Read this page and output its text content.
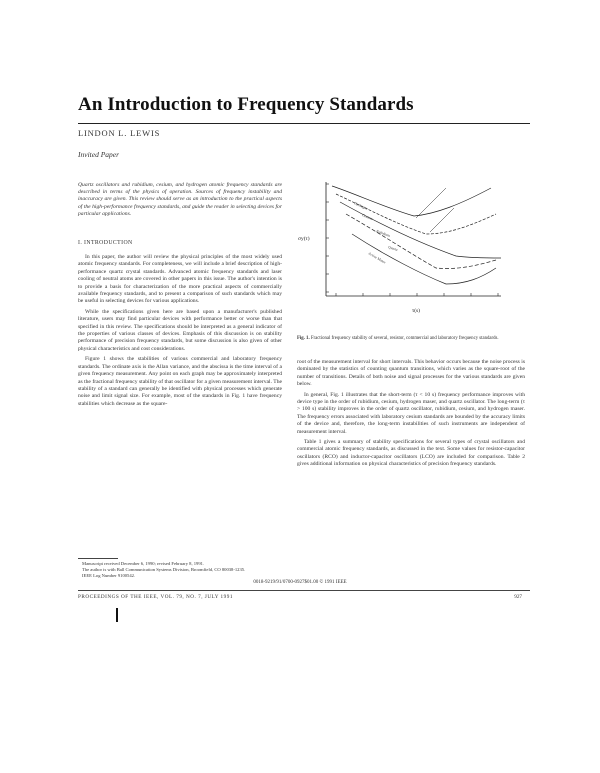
An Introduction to Frequency Standards
LINDON L. LEWIS
Invited Paper
Quartz oscillators and rubidium, cesium, and hydrogen atomic frequency standards are described in terms of the physics of operation. Sources of frequency instability and inaccuracy are given. This review should serve as an introduction to the practical aspects of the high-performance frequency standards, and guide the reader in selecting devices for particular applications.
I. INTRODUCTION

In this paper, the author will review the physical principles of the most widely used atomic frequency standards. For completeness, we will include a brief description of high-performance quartz crystal standards. Advanced atomic frequency standards and laser cooling of neutral atoms are covered in other papers in this issue. The author's intention is to provide a basis for characterization of the more practical aspects of commercially available frequency standards, and to present a comparison of such standards which may be useful in selecting devices for various applications.

While the specifications given here are based upon a manufacturer's published literature, users may find particular devices with performance better or worse than that specified in this review. The specifications should be interpreted as a general indicator of the properties of various classes of devices. Emphasis of this discussion is on stability performance of precision frequency standards, but some discussion is also given of other physical characteristics and cost considerations.

Figure 1 shows the stabilities of various commercial and laboratory frequency standards. The ordinate axis is the Allan variance, and the abscissa is the time interval of a given frequency measurement. Any point on each graph may be approximately interpreted as the fractional frequency stability of that oscillator for a given measurement interval. The stability of a standard can generally be identified with physical processes which generate noise and limit signal size. For example, most of the standards in Fig. 1 have frequency stabilities which decrease as the square-

Manuscript received December 6, 1990; revised February 8, 1991.
The author is with Ball Communication Systems Division, Broomfield, CO 80038-1235.
IEEE Log Number 9100542.
σy(τ)
τ(s)
Hydrogen
Cesium
Rubidium
Quartz
Active Maser
Fig. 1. Fractional frequency stability of several, resistor, commercial and laboratory frequency standards.

root of the measurement interval for short intervals. This behavior occurs because the noise process is dominated by the statistics of counting quantum transitions, which varies as the square-root of the number of transitions. Details of both noise and signal processes for the various standards are given below.

In general, Fig. 1 illustrates that the short-term (τ < 10 s) frequency performance improves with device type in the order of rubidium, cesium, hydrogen maser, and quartz oscillator. The long-term (τ > 100 s) stability improves in the order of quartz oscillator, rubidium, cesium, and hydrogen maser. The frequency errors associated with laboratory cesium standards are bounded by the accuracy limits of the device and, therefore, the long-term instabilities of such instruments are independent of measurement interval.

Table 1 gives a summary of stability specifications for several types of crystal oscillators and commercial atomic frequency standards, as discussed in the text. Some values for resistor-capacitor oscillators (RCO) and inductor-capacitor oscillators (LCO) are included for comparison. Table 2 gives additional information on physical characteristics of precision frequency standards.

0018-9219/91/0700-0927$01.00 © 1991 IEEE
PROCEEDINGS OF THE IEEE, VOL. 79, NO. 7, JULY 1991	927
